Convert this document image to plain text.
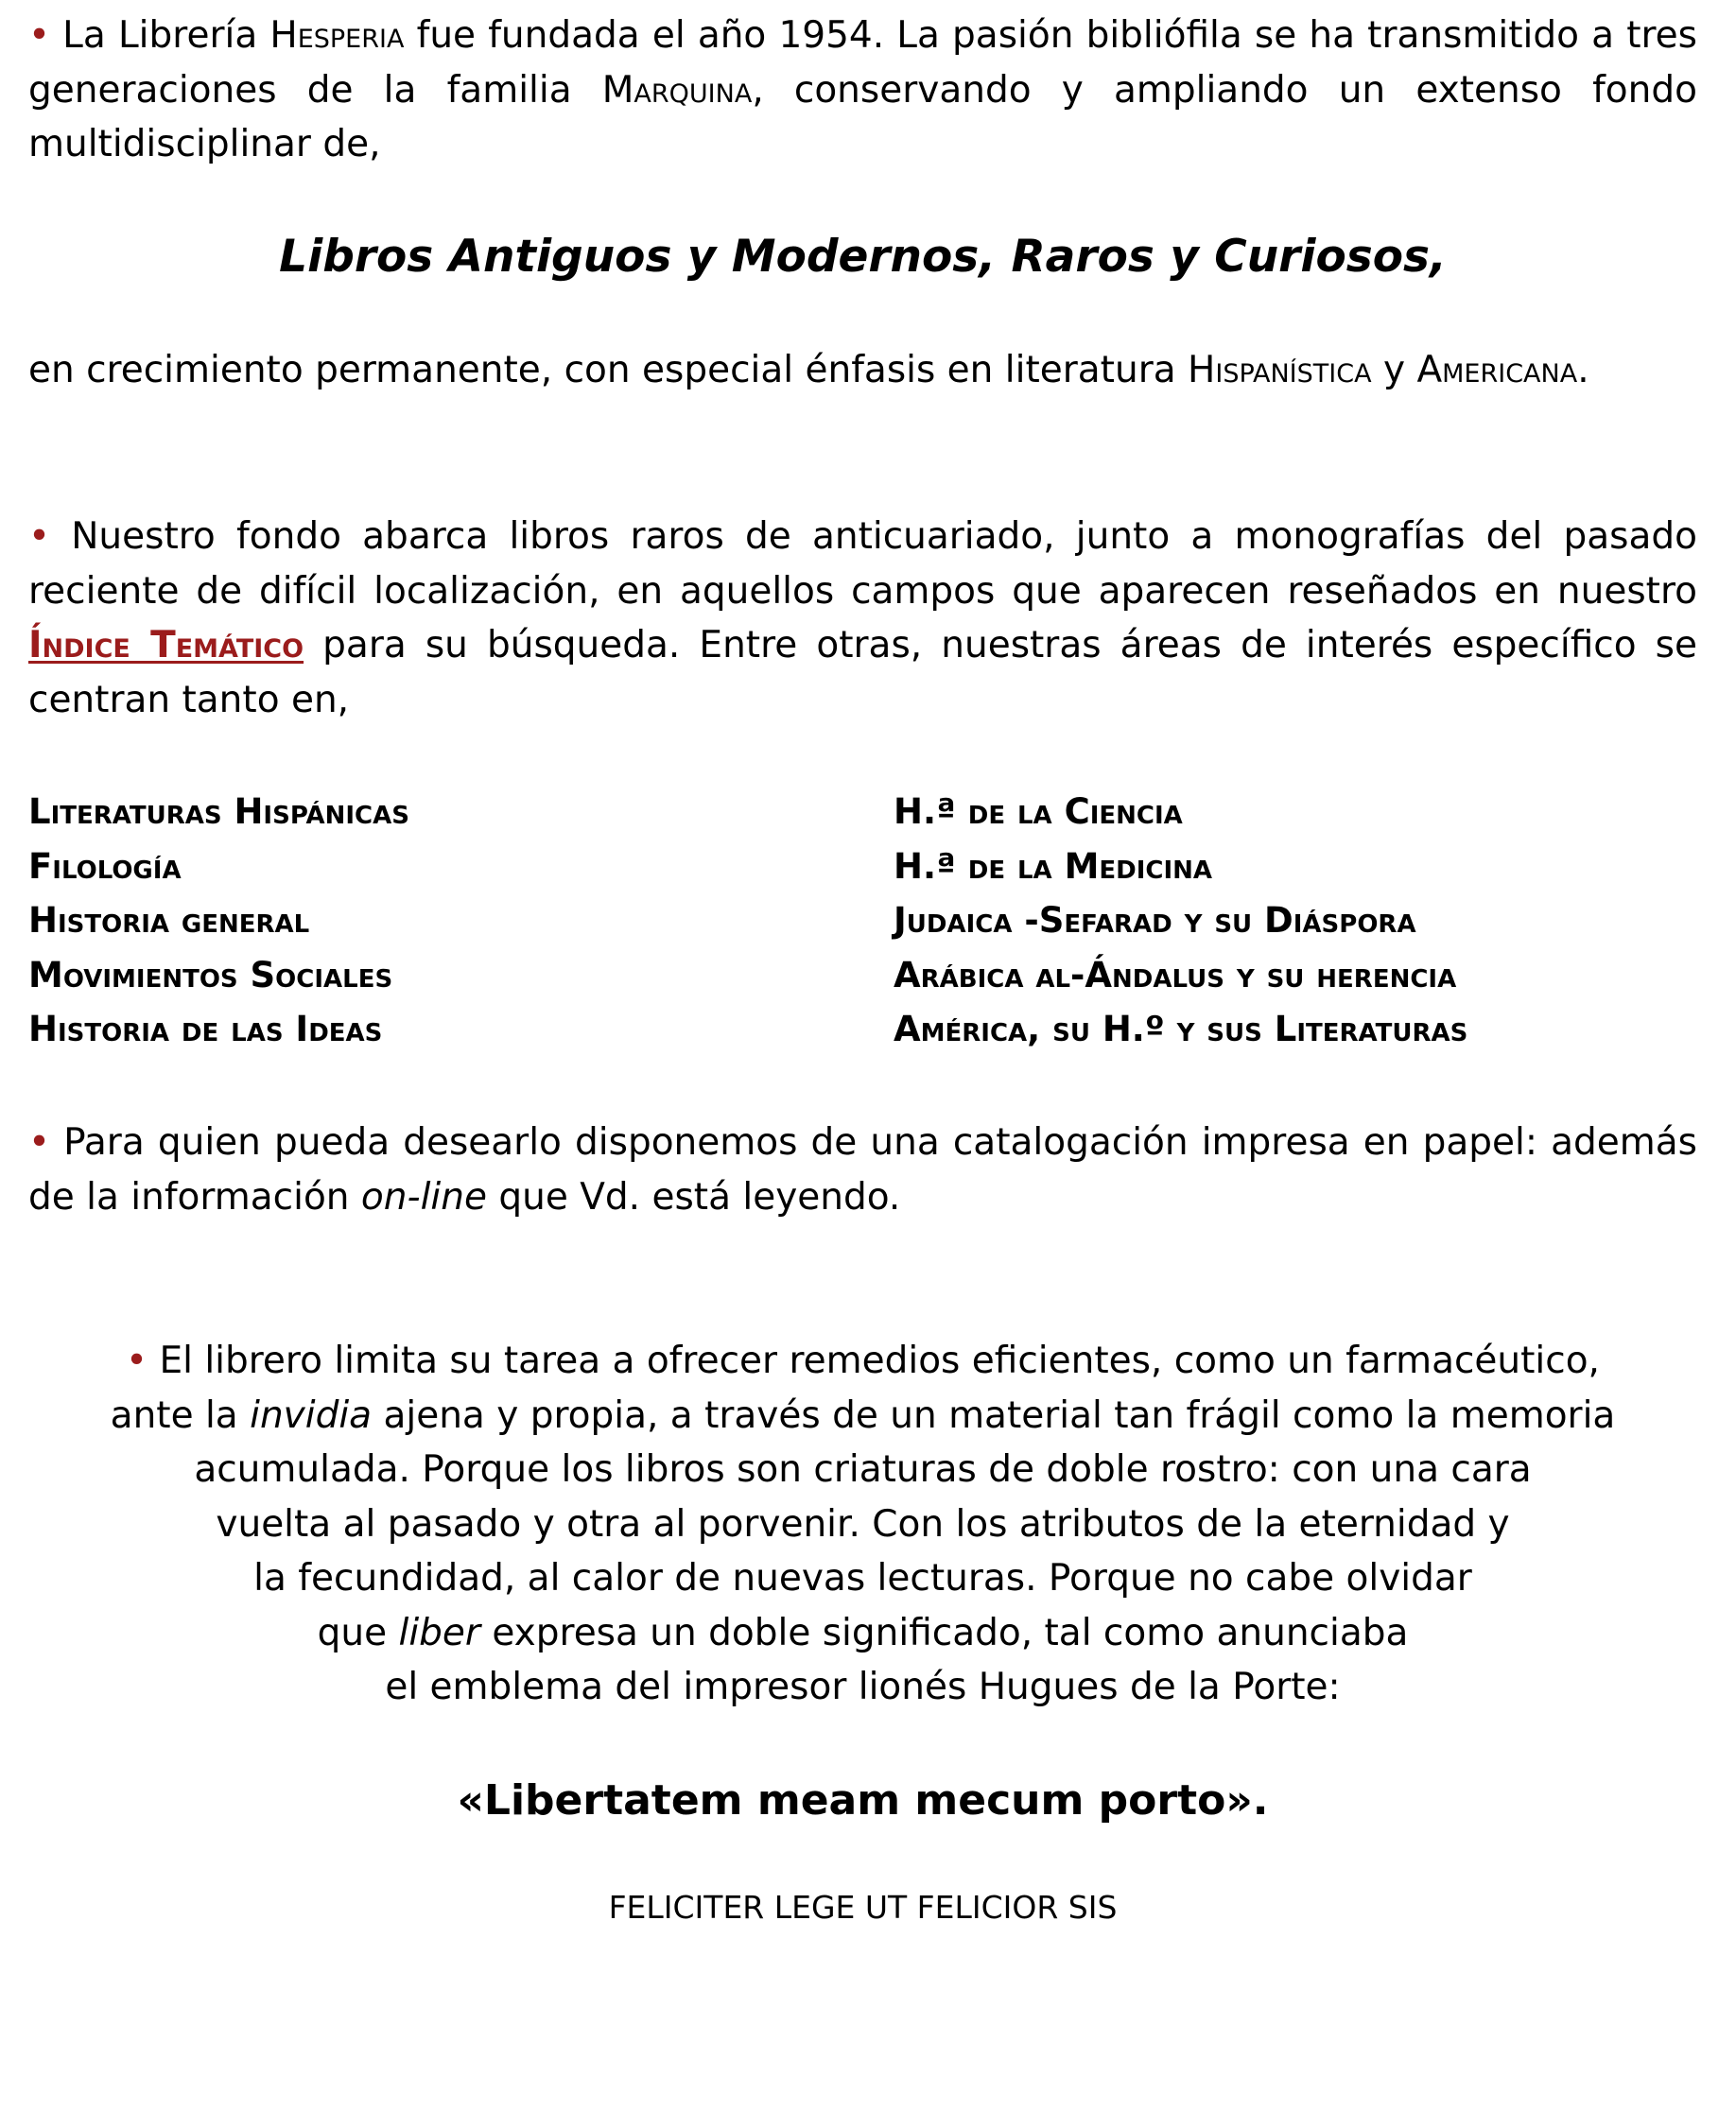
• La Librería Hesperia fue fundada el año 1954. La pasión bibliófila se ha transmitido a tres generaciones de la familia Marquina, conservando y ampliando un extenso fondo multidisciplinar de,

Libros Antiguos y Modernos, Raros y Curiosos,

en crecimiento permanente, con especial énfasis en literatura Hispanística y Americana.

• Nuestro fondo abarca libros raros de anticuariado, junto a monografías del pasado reciente de difícil localización, en aquellos campos que aparecen reseñados en nuestro Índice Temático para su búsqueda. Entre otras, nuestras áreas de interés específico se centran tanto en,

Literaturas Hispánicas
Filología
Historia general
Movimientos Sociales
Historia de las Ideas
H.ª de la Ciencia
H.ª de la Medicina
Judaica -Sefarad y su Diáspora
Arábica al-Ándalus y su herencia
América, su H.º y sus Literaturas

• Para quien pueda desearlo disponemos de una catalogación impresa en papel: además de la información on-line que Vd. está leyendo.

• El librero limita su tarea a ofrecer remedios eficientes, como un farmacéutico,
ante la invidia ajena y propia, a través de un material tan frágil como la memoria
acumulada. Porque los libros son criaturas de doble rostro: con una cara
vuelta al pasado y otra al porvenir. Con los atributos de la eternidad y
la fecundidad, al calor de nuevas lecturas. Porque no cabe olvidar
que liber expresa un doble significado, tal como anunciaba
el emblema del impresor lionés Hugues de la Porte:

«Libertatem meam mecum porto».

FELICITER LEGE UT FELICIOR SIS
